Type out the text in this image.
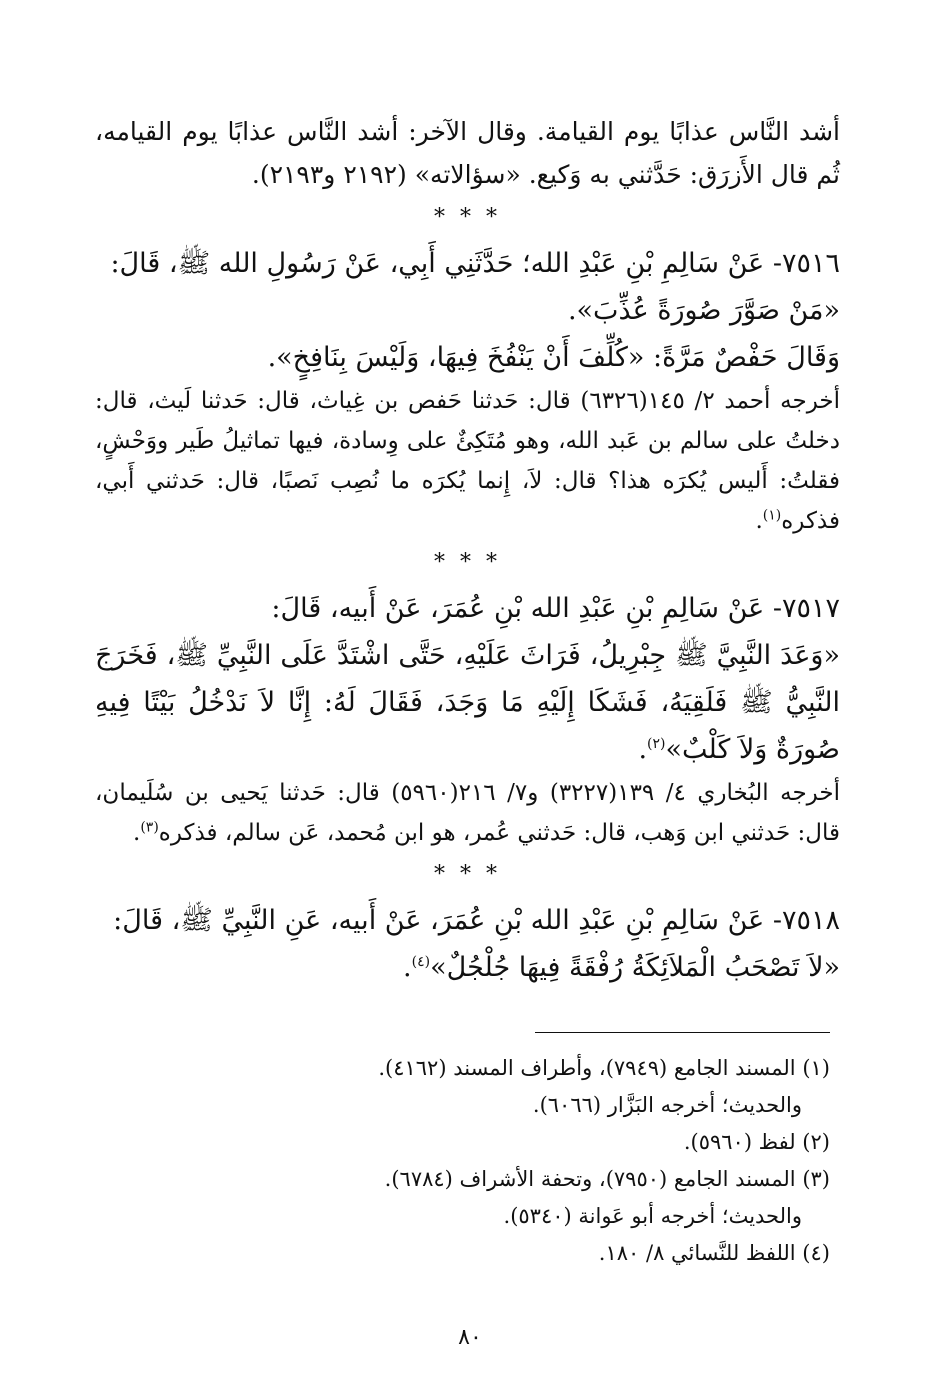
أشد النَّاس عذابًا يوم القيامة. وقال الآخر: أشد النَّاس عذابًا يوم القيامه، ثُم قال الأَزرَق: حَدَّثني به وَكيع. «سؤالاته» (٢١٩٢ و٢١٩٣).

* * *

٧٥١٦- عَنْ سَالِمِ بْنِ عَبْدِ الله؛ حَدَّثَنِي أَبِي، عَنْ رَسُولِ الله ﷺ، قَالَ:

«مَنْ صَوَّرَ صُورَةً عُذِّبَ».

وَقَالَ حَفْصٌ مَرَّةً: «كُلِّفَ أَنْ يَنْفُخَ فِيهَا، وَلَيْسَ بِنَافِخٍ».

أخرجه أحمد ٢/ ١٤٥(٦٣٢٦) قال: حَدثنا حَفص بن غِياث، قال: حَدثنا لَيث، قال: دخلتُ على سالم بن عَبد الله، وهو مُتَكِئٌ على وِسادة، فيها تماثيلُ طَير ووَحْشٍ، فقلتُ: أَليس يُكرَه هذا؟ قال: لاَ، إِنما يُكرَه ما نُصِب نَصبًا، قال: حَدثني أَبي، فذكره$^{(١)}$.

* * *

٧٥١٧- عَنْ سَالِمِ بْنِ عَبْدِ الله بْنِ عُمَرَ، عَنْ أَبيه، قَالَ:

«وَعَدَ النَّبِيَّ ﷺ جِبْرِيلُ، فَرَاثَ عَلَيْهِ، حَتَّى اشْتَدَّ عَلَى النَّبِيِّ ﷺ، فَخَرَجَ النَّبِيُّ ﷺ فَلَقِيَهُ، فَشَكَا إِلَيْهِ مَا وَجَدَ، فَقَالَ لَهُ: إِنَّا لاَ نَدْخُلُ بَيْتًا فِيهِ صُورَةٌ وَلاَ كَلْبٌ»$^{(٢)}$.

أخرجه البُخاري ٤/ ١٣٩(٣٢٢٧) و٧/ ٢١٦(٥٩٦٠) قال: حَدثنا يَحيى بن سُلَيمان، قال: حَدثني ابن وَهب، قال: حَدثني عُمر، هو ابن مُحمد، عَن سالم، فذكره$^{(٣)}$.

* * *

٧٥١٨- عَنْ سَالِمِ بْنِ عَبْدِ الله بْنِ عُمَرَ، عَنْ أَبيه، عَنِ النَّبِيِّ ﷺ، قَالَ:

«لاَ تَصْحَبُ الْمَلاَئِكَةُ رُفْقَةً فِيهَا جُلْجُلٌ»$^{(٤)}$.

(١) المسند الجامع (٧٩٤٩)، وأطراف المسند (٤١٦٢).
والحديث؛ أخرجه البَزَّار (٦٠٦٦).
(٢) لفظ (٥٩٦٠).
(٣) المسند الجامع (٧٩٥٠)، وتحفة الأشراف (٦٧٨٤).
والحديث؛ أخرجه أبو عَوانة (٥٣٤٠).
(٤) اللفظ للنَّسائي ٨/ ١٨٠.
٨٠
